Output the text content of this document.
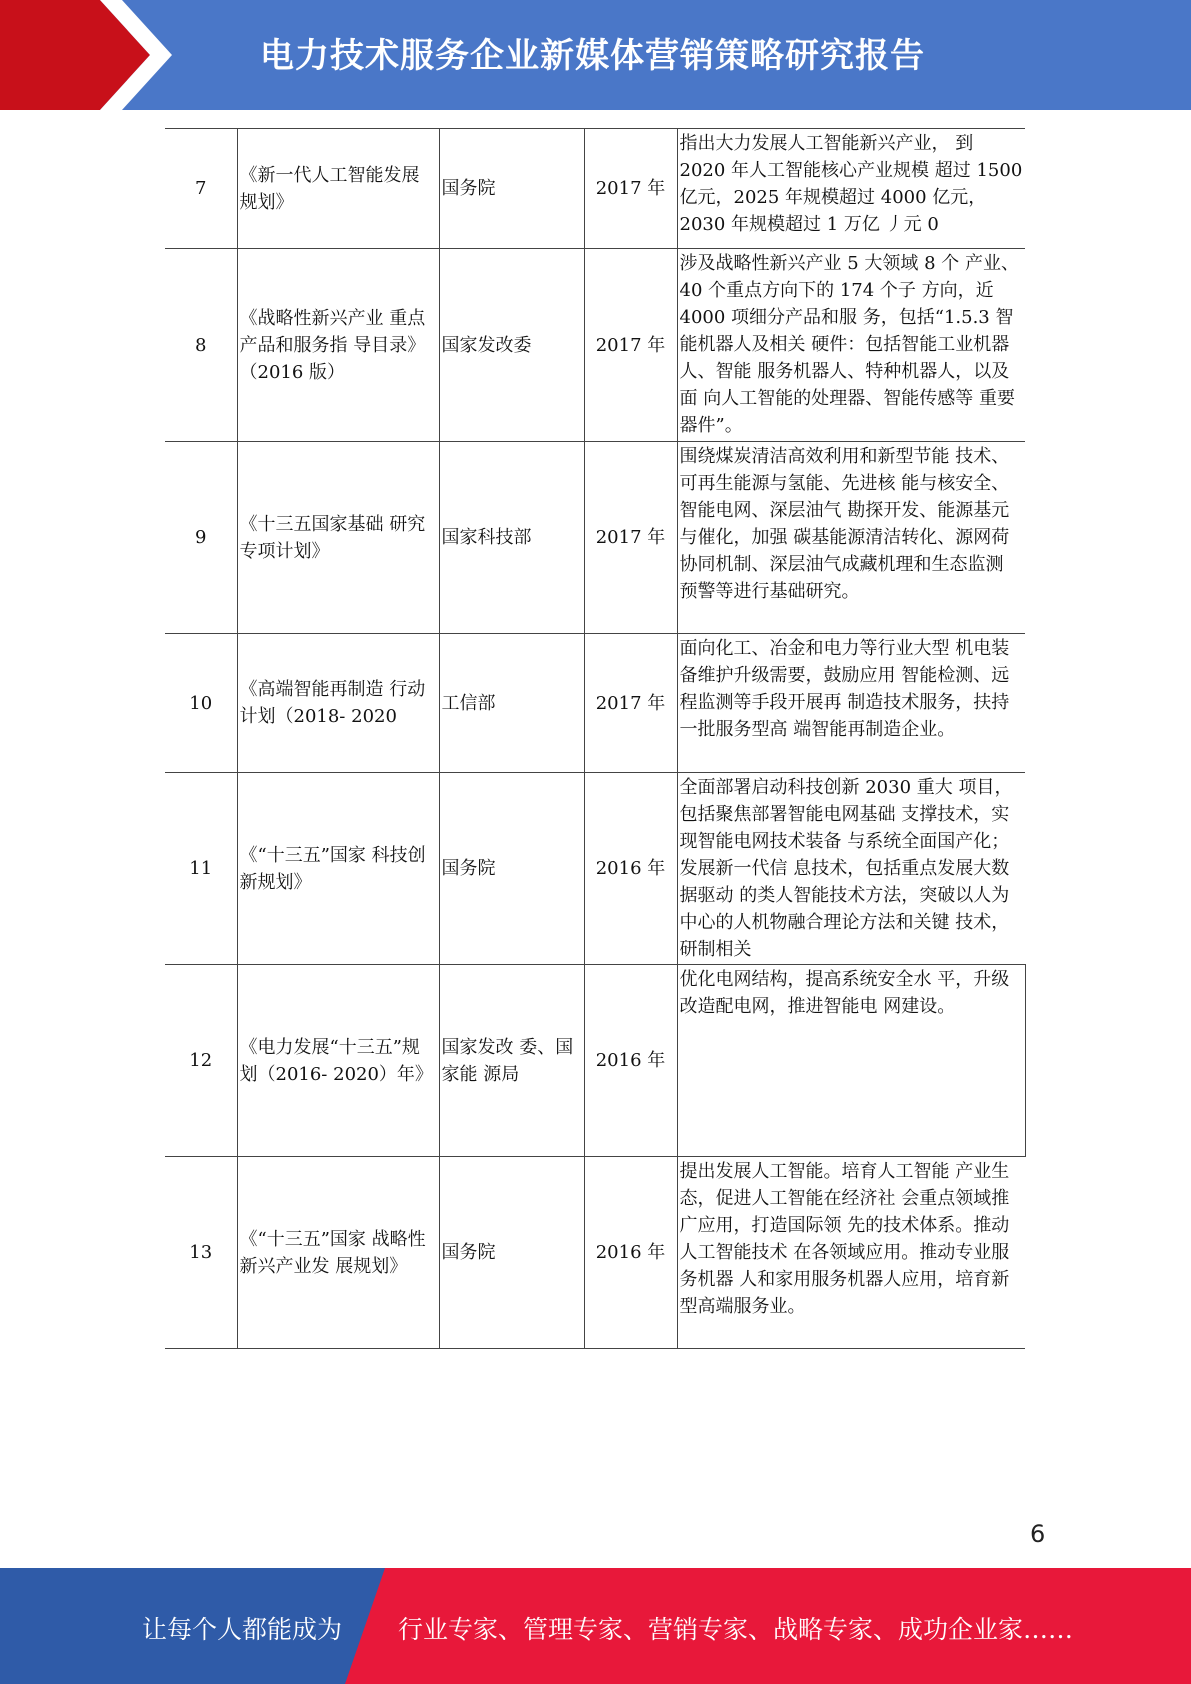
电力技术服务企业新媒体营销策略研究报告
7	《新一代人工智能发展规划》	国务院	2017 年	指出大力发展人工智能新兴产业， 到 2020 年人工智能核心产业规模 超过 1500 亿元，2025 年规模超过 4000 亿元，2030 年规模超过 1 万亿 丿元 0
8	《战略性新兴产业 重点产品和服务指 导目录》（2016 版）	国家发改委	2017 年	涉及战略性新兴产业 5 大领域 8 个 产业、40 个重点方向下的 174 个子 方向，近 4000 项细分产品和服 务，包括“1.5.3 智能机器人及相关 硬件：包括智能工业机器人、智能 服务机器人、特种机器人，以及面 向人工智能的处理器、智能传感等 重要器件”。
9	《十三五国家基础 研究专项计划》	国家科技部	2017 年	围绕煤炭清洁高效利用和新型节能 技术、可再生能源与氢能、先进核 能与核安全、智能电网、深层油气 勘探开发、能源基元与催化，加强 碳基能源清洁转化、源网荷协同机制、深层油气成藏机理和生态监测 预警等进行基础研究。
10	《高端智能再制造 行动计划（2018- 2020	工信部	2017 年	面向化工、冶金和电力等行业大型 机电装备维护升级需要，鼓励应用 智能检测、远程监测等手段开展再 制造技术服务，扶持一批服务型高 端智能再制造企业。
11	《“十三五”国家 科技创新规划》	国务院	2016 年	全面部署启动科技创新 2030 重大 项目，包括聚焦部署智能电网基础 支撑技术，实现智能电网技术装备 与系统全面国产化；发展新一代信 息技术，包括重点发展大数据驱动 的类人智能技术方法，突破以人为 中心的人机物融合理论方法和关键 技术，研制相关
12	《电力发展“十三五”规划（2016- 2020）年》	国家发改 委、国家能 源局	2016 年	优化电网结构，提高系统安全水 平，升级改造配电网，推进智能电 网建设。
13	《“十三五”国家 战略性新兴产业发 展规划》	国务院	2016 年	提出发展人工智能。培育人工智能 产业生态，促进人工智能在经济社 会重点领域推广应用，打造国际领 先的技术体系。推动人工智能技术 在各领域应用。推动专业服务机器 人和家用服务机器人应用，培育新 型高端服务业。
6
让每个人都能成为 行业专家、管理专家、营销专家、战略专家、成功企业家……
